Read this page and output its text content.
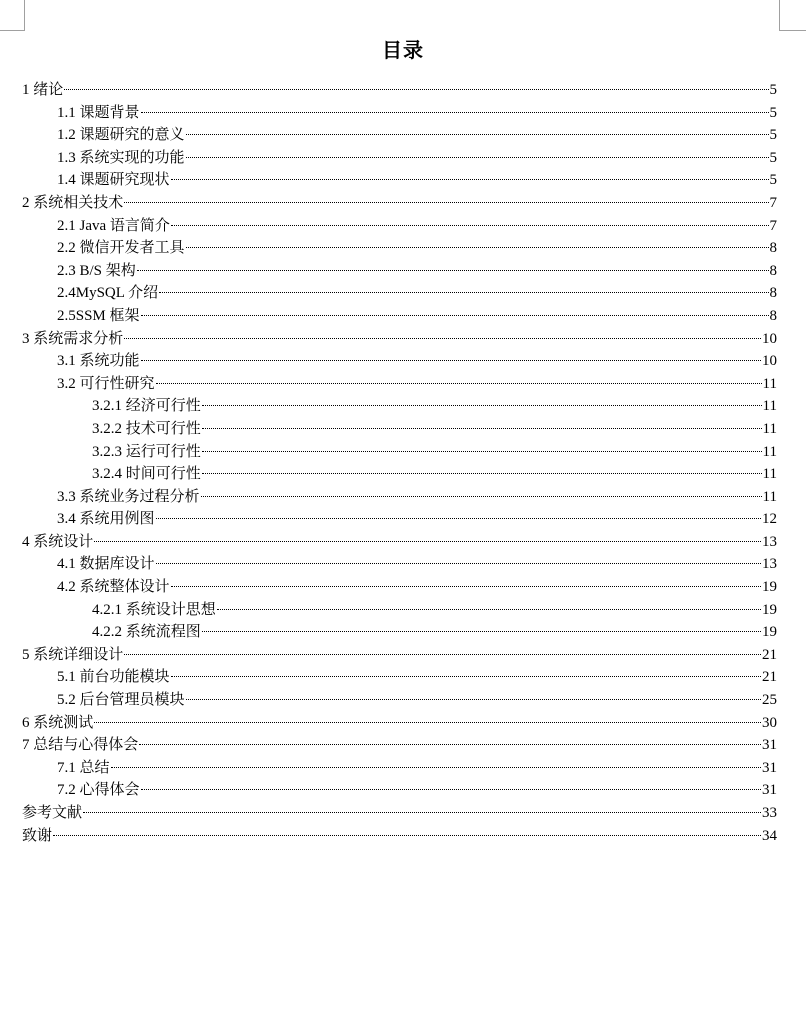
目录
1 绪论	5
1.1 课题背景	5
1.2 课题研究的意义	5
1.3 系统实现的功能	5
1.4 课题研究现状	5
2 系统相关技术	7
2.1 Java 语言简介	7
2.2 微信开发者工具	8
2.3 B/S 架构	8
2.4MySQL 介绍	8
2.5SSM 框架	8
3 系统需求分析	10
3.1 系统功能	10
3.2 可行性研究	11
3.2.1 经济可行性	11
3.2.2 技术可行性	11
3.2.3 运行可行性	11
3.2.4 时间可行性	11
3.3 系统业务过程分析	11
3.4 系统用例图	12
4 系统设计	13
4.1 数据库设计	13
4.2 系统整体设计	19
4.2.1 系统设计思想	19
4.2.2 系统流程图	19
5 系统详细设计	21
5.1 前台功能模块	21
5.2 后台管理员模块	25
6 系统测试	30
7 总结与心得体会	31
7.1 总结	31
7.2 心得体会	31
参考文献	33
致谢	34
